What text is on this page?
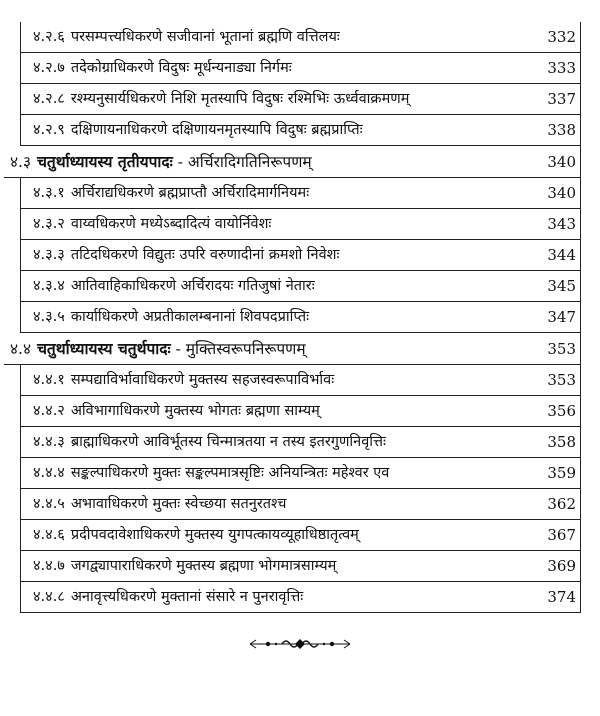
४.२.६ परसम्पत्त्यधिकरणे सजीवानां भूतानां ब्रह्मणि वत्तिलयः	332
४.२.७ तदेकोग्राधिकरणे विदुषः मूर्धन्यनाड्या निर्गमः	333
४.२.८ रश्म्यनुसार्यधिकरणे निशि मृतस्यापि विदुषः रश्मिभिः ऊर्ध्ववाक्रमणम्	337
४.२.९ दक्षिणायनाधिकरणे दक्षिणायनमृतस्यापि विदुषः ब्रह्मप्राप्तिः	338
४.३ चतुर्थाध्यायस्य तृतीयपादः - अर्चिरादिगतिनिरूपणम्	340
४.३.१ अर्चिराद्यधिकरणे ब्रह्मप्राप्तौ अर्चिरादिमार्गनियमः	340
४.३.२ वाय्वधिकरणे मध्येऽब्दादित्यं वायोर्निवेशः	343
४.३.३ तटिदधिकरणे विद्युतः उपरि वरुणादीनां क्रमशो निवेशः	344
४.३.४ आतिवाहिकाधिकरणे अर्चिरादयः गतिजुषां नेतारः	345
४.३.५ कार्याधिकरणे अप्रतीकालम्बनानां शिवपदप्राप्तिः	347
४.४ चतुर्थाध्यायस्य चतुर्थपादः - मुक्तिस्वरूपनिरूपणम्	353
४.४.१ सम्पद्याविर्भावाधिकरणे मुक्तस्य सहजस्वरूपाविर्भावः	353
४.४.२ अविभागाधिकरणे मुक्तस्य भोगतः ब्रह्मणा साम्यम्	356
४.४.३ ब्राह्माधिकरणे आविर्भूतस्य चिन्मात्रतया न तस्य इतरगुणनिवृत्तिः	358
४.४.४ सङ्कल्पाधिकरणे मुक्तः सङ्कल्पमात्रसृष्टिः अनियन्त्रितः महेश्वर एव	359
४.४.५ अभावाधिकरणे मुक्तः स्वेच्छया सतनुरतश्च	362
४.४.६ प्रदीपवदावेशाधिकरणे मुक्तस्य युगपत्कायव्यूहाधिष्ठातृत्वम्	367
४.४.७ जगद्व्यापाराधिकरणे मुक्तस्य ब्रह्मणा भोगमात्रसाम्यम्	369
४.४.८ अनावृत्त्यधिकरणे मुक्तानां संसारे न पुनरावृत्तिः	374
